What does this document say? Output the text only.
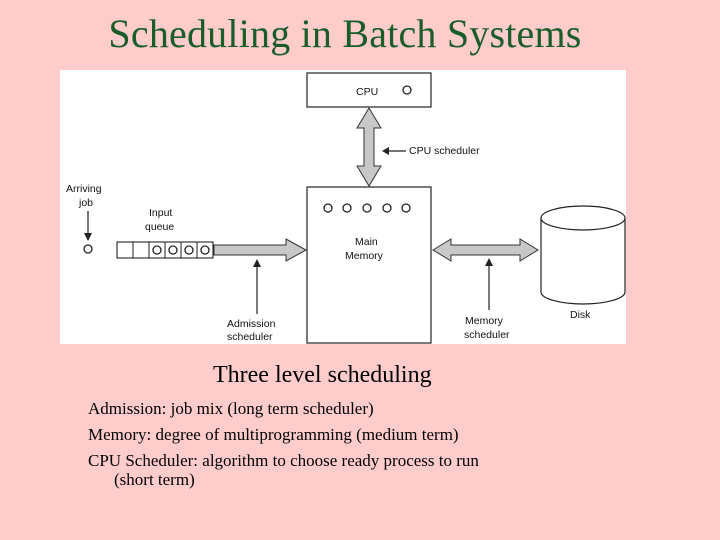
Scheduling in Batch Systems
CPU
CPU scheduler
Main
Memory
Arriving
job
Input
queue
Admission
scheduler
Memory
scheduler
Disk
Three level scheduling
Admission: job mix (long term scheduler)
Memory: degree of multiprogramming (medium term)
CPU Scheduler: algorithm to choose ready process to run
(short term)
